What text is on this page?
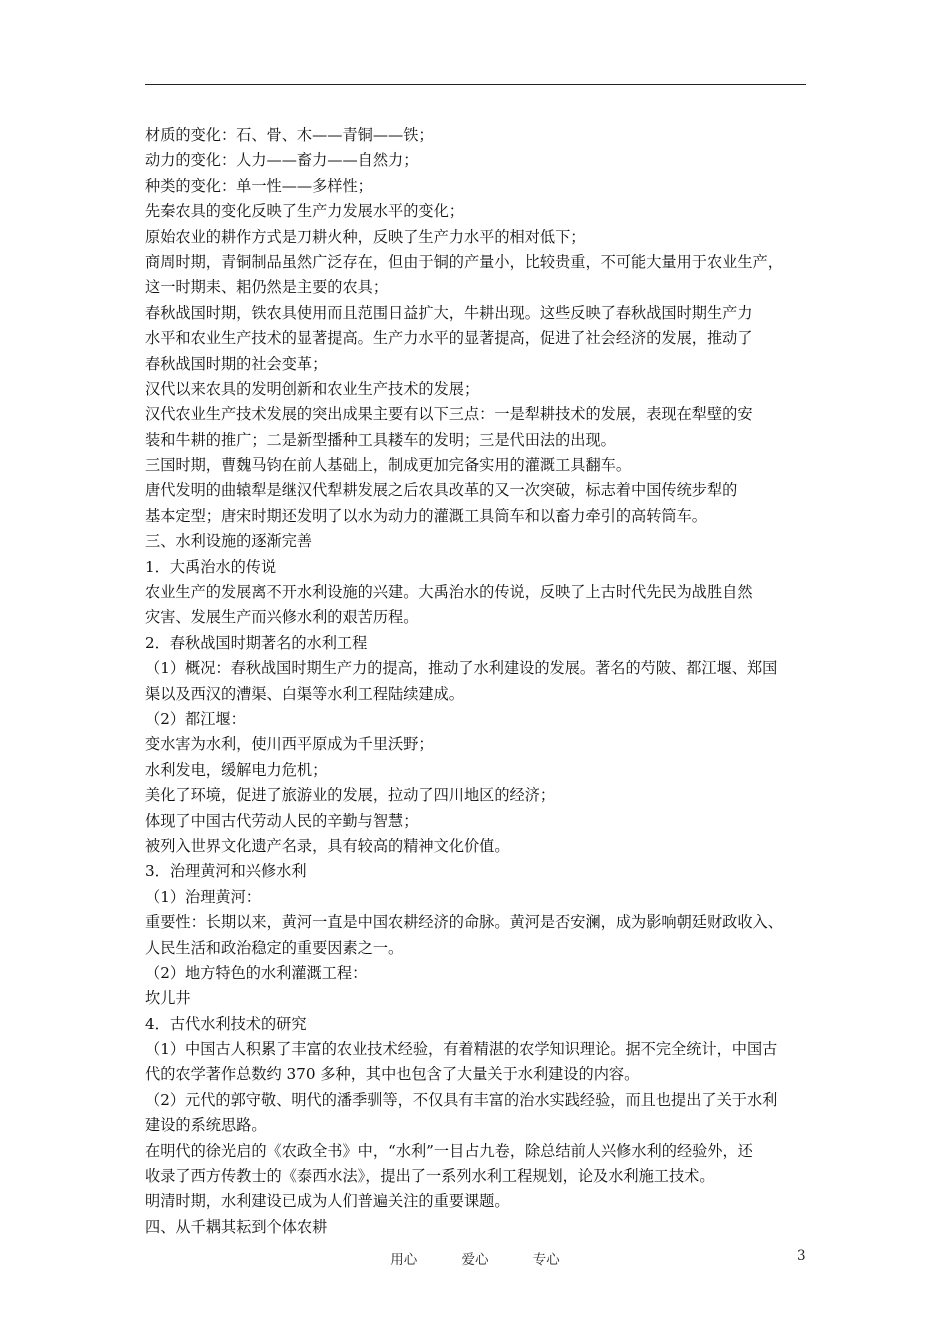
材质的变化：石、骨、木——青铜——铁；
动力的变化：人力——畜力——自然力；
种类的变化：单一性——多样性；
先秦农具的变化反映了生产力发展水平的变化；
原始农业的耕作方式是刀耕火种，反映了生产力水平的相对低下；
商周时期，青铜制品虽然广泛存在，但由于铜的产量小，比较贵重，不可能大量用于农业生产，
这一时期耒、耜仍然是主要的农具；
春秋战国时期，铁农具使用而且范围日益扩大，牛耕出现。这些反映了春秋战国时期生产力
水平和农业生产技术的显著提高。生产力水平的显著提高，促进了社会经济的发展，推动了
春秋战国时期的社会变革；
汉代以来农具的发明创新和农业生产技术的发展；
汉代农业生产技术发展的突出成果主要有以下三点：一是犁耕技术的发展，表现在犁壁的安
装和牛耕的推广；二是新型播种工具耧车的发明；三是代田法的出现。
三国时期，曹魏马钧在前人基础上，制成更加完备实用的灌溉工具翻车。
唐代发明的曲辕犁是继汉代犁耕发展之后农具改革的又一次突破，标志着中国传统步犁的
基本定型；唐宋时期还发明了以水为动力的灌溉工具筒车和以畜力牵引的高转筒车。
三、水利设施的逐渐完善
1．大禹治水的传说
农业生产的发展离不开水利设施的兴建。大禹治水的传说，反映了上古时代先民为战胜自然
灾害、发展生产而兴修水利的艰苦历程。
2．春秋战国时期著名的水利工程
（1）概况：春秋战国时期生产力的提高，推动了水利建设的发展。著名的芍陂、都江堰、郑国
渠以及西汉的漕渠、白渠等水利工程陆续建成。
（2）都江堰：
变水害为水利，使川西平原成为千里沃野；
水利发电，缓解电力危机；
美化了环境，促进了旅游业的发展，拉动了四川地区的经济；
体现了中国古代劳动人民的辛勤与智慧；
被列入世界文化遗产名录，具有较高的精神文化价值。
3．治理黄河和兴修水利
（1）治理黄河：
重要性：长期以来，黄河一直是中国农耕经济的命脉。黄河是否安澜，成为影响朝廷财政收入、
人民生活和政治稳定的重要因素之一。
（2）地方特色的水利灌溉工程：
坎儿井
4．古代水利技术的研究
（1）中国古人积累了丰富的农业技术经验，有着精湛的农学知识理论。据不完全统计，中国古
代的农学著作总数约 370 多种，其中也包含了大量关于水利建设的内容。
（2）元代的郭守敬、明代的潘季驯等，不仅具有丰富的治水实践经验，而且也提出了关于水利
建设的系统思路。
在明代的徐光启的《农政全书》中，“水利”一目占九卷，除总结前人兴修水利的经验外，还
收录了西方传教士的《泰西水法》，提出了一系列水利工程规划，论及水利施工技术。
明清时期，水利建设已成为人们普遍关注的重要课题。
四、从千耦其耘到个体农耕
用心	爱心	专心	3
